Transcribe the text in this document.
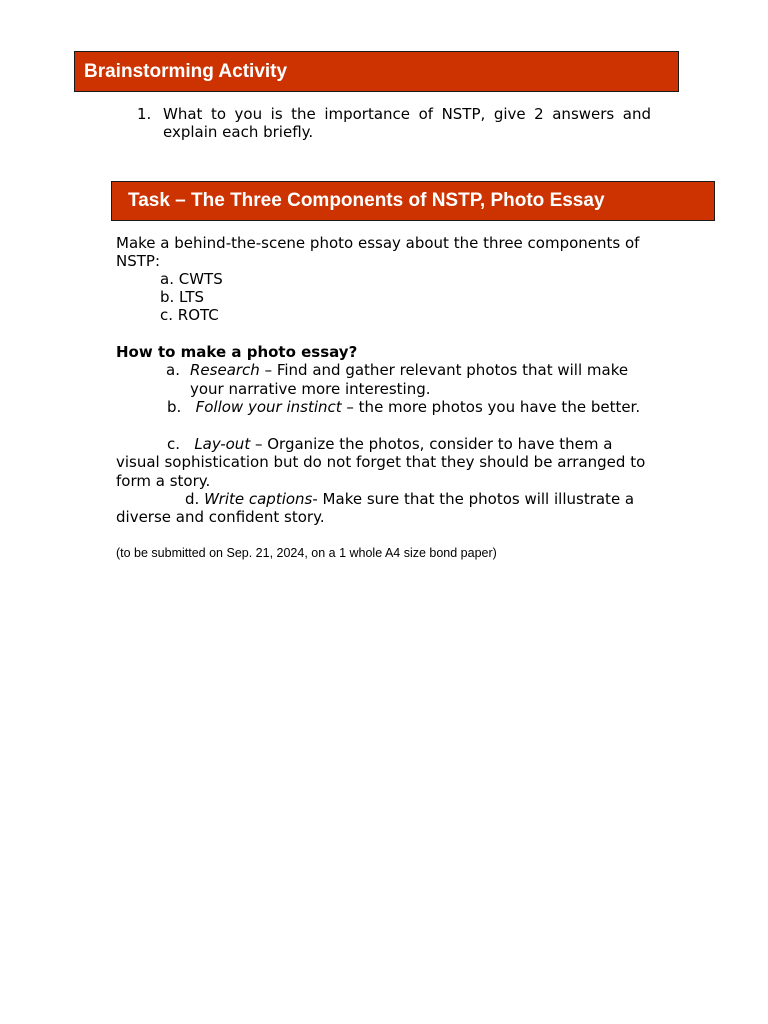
Brainstorming Activity
1. What to you is the importance of NSTP, give 2 answers and explain each briefly.
Task – The Three Components of NSTP, Photo Essay
Make a behind-the-scene photo essay about the three components of NSTP:
a. CWTS
b. LTS
c. ROTC
How to make a photo essay?
a. Research – Find and gather relevant photos that will make your narrative more interesting.
b. Follow your instinct – the more photos you have the better.
c. Lay-out – Organize the photos, consider to have them a visual sophistication but do not forget that they should be arranged to form a story.
d. Write captions- Make sure that the photos will illustrate a diverse and confident story.
(to be submitted on Sep. 21, 2024, on a 1 whole A4 size bond paper)
